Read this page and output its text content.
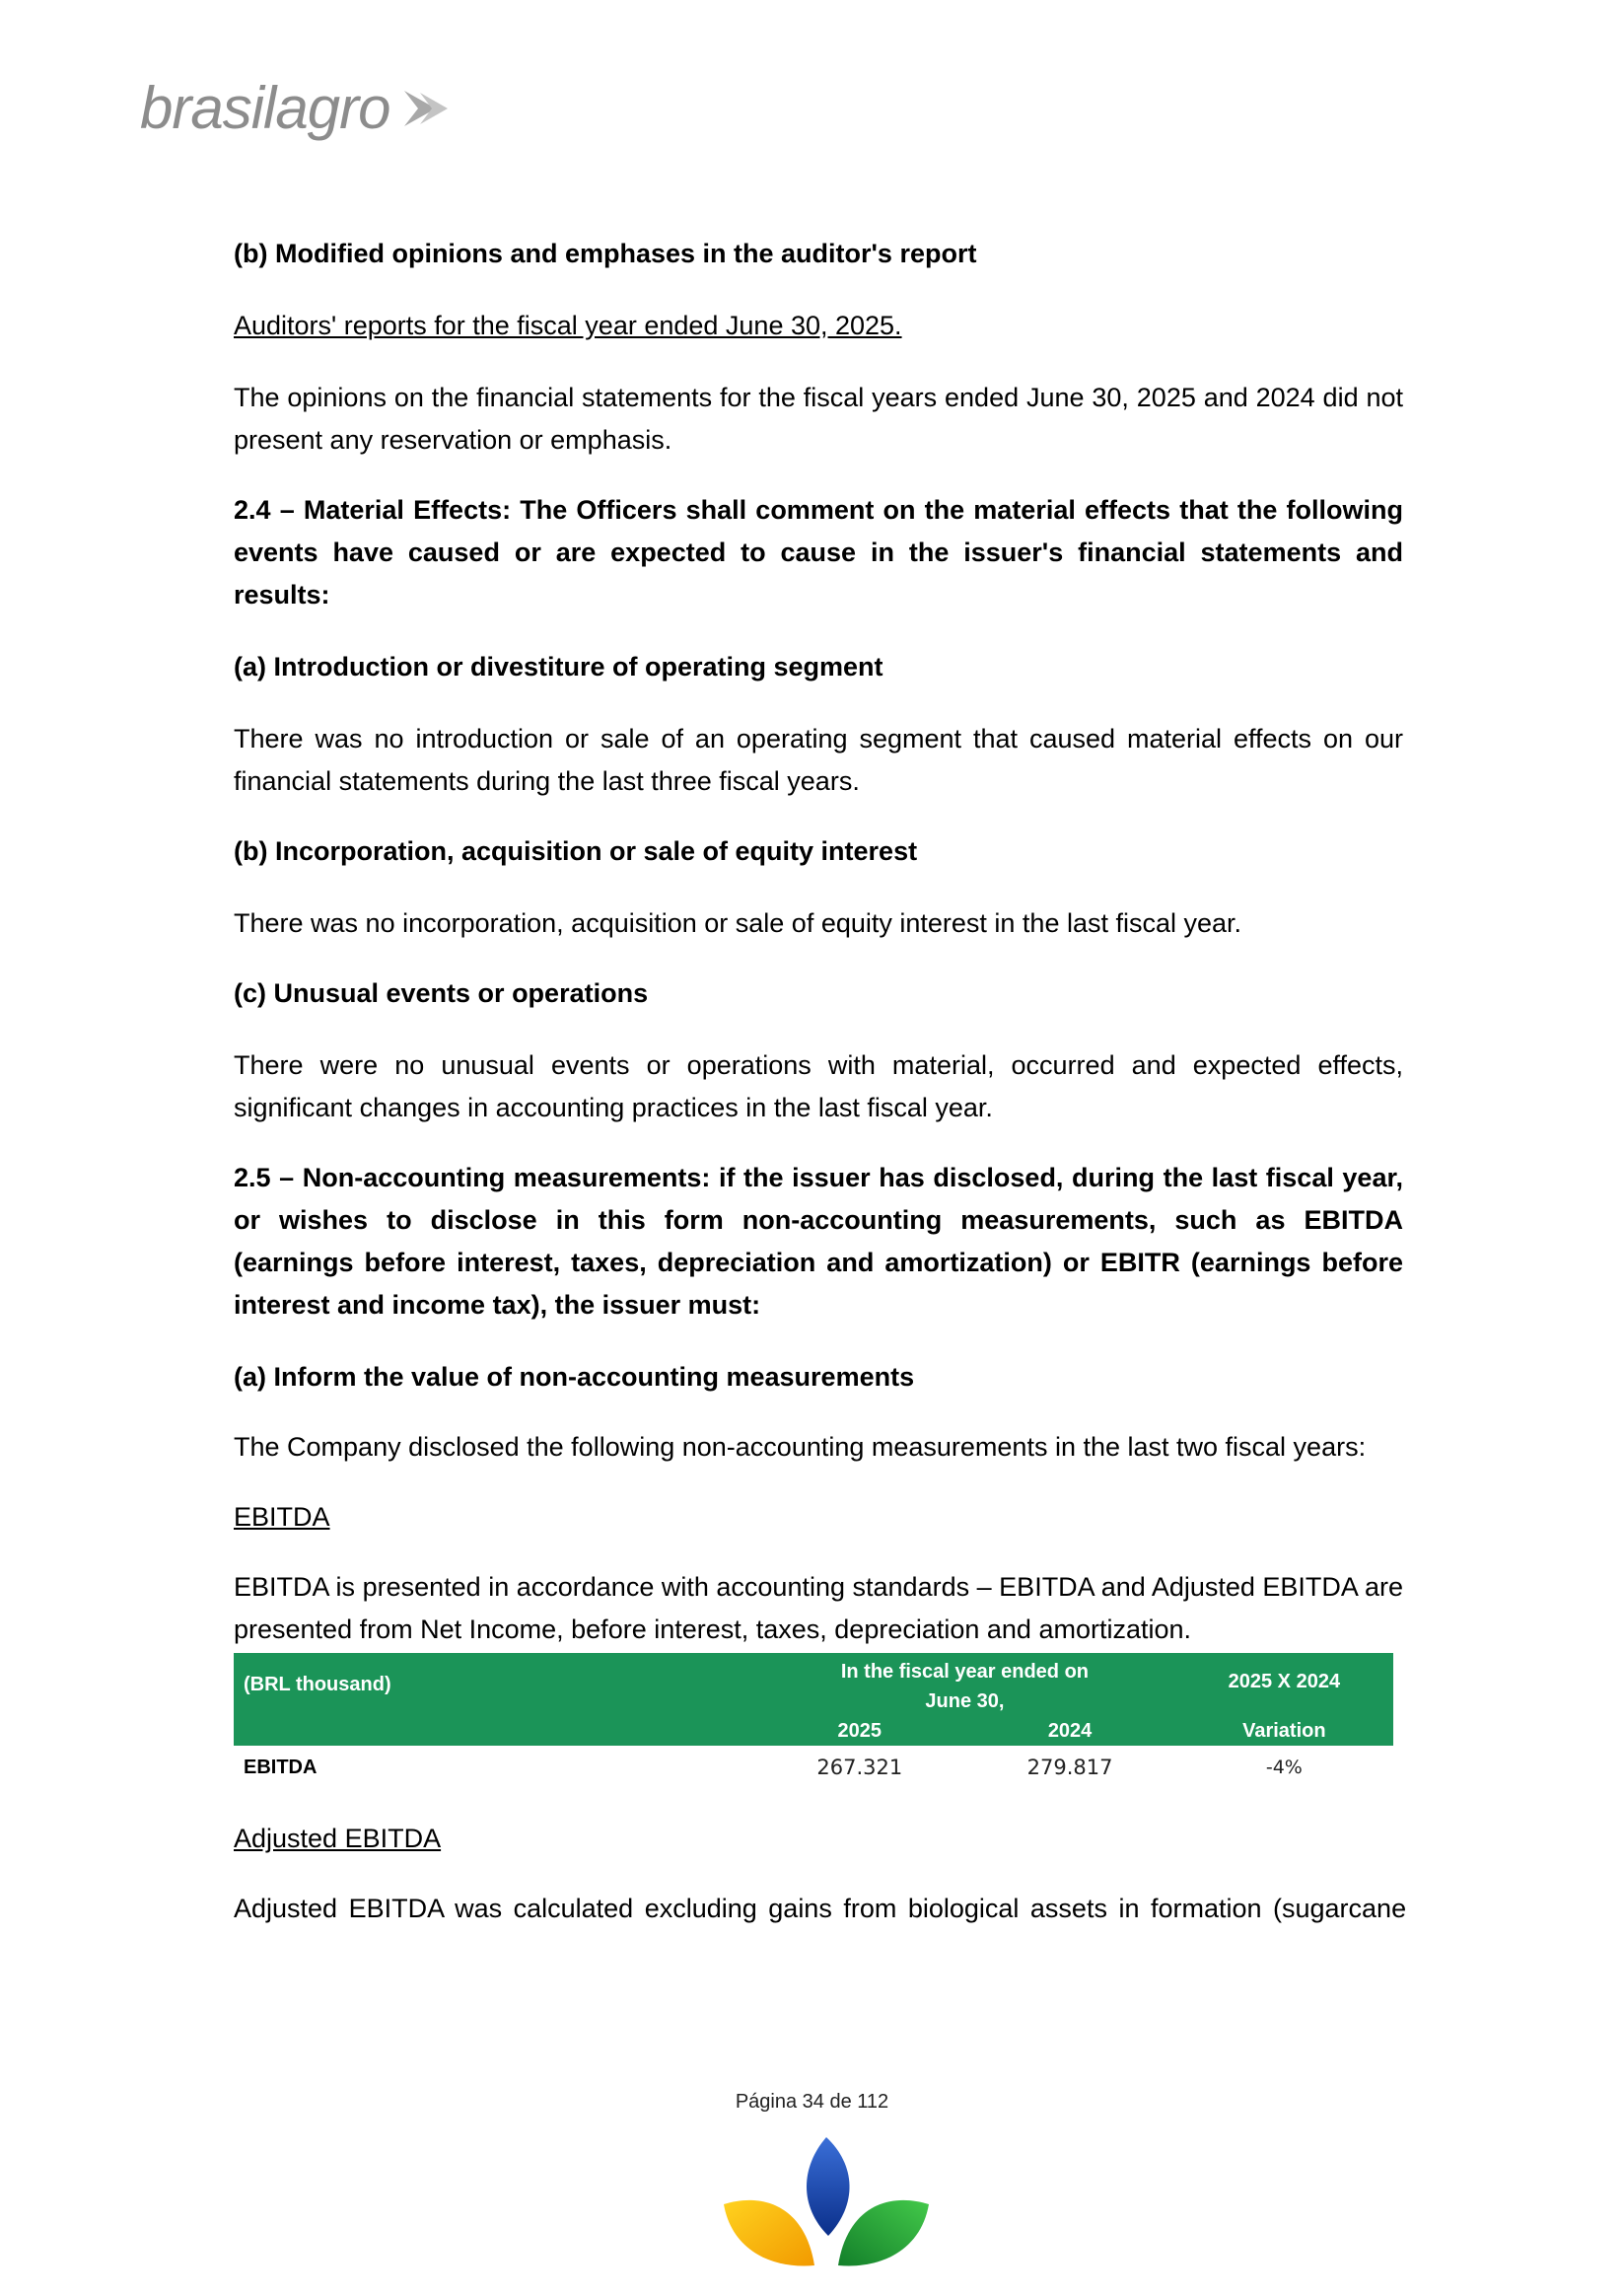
brasilagro

(b) Modified opinions and emphases in the auditor's report

Auditors' reports for the fiscal year ended June 30, 2025.

The opinions on the financial statements for the fiscal years ended June 30, 2025 and 2024 did not present any reservation or emphasis.

2.4 – Material Effects: The Officers shall comment on the material effects that the following events have caused or are expected to cause in the issuer's financial statements and results:

(a) Introduction or divestiture of operating segment

There was no introduction or sale of an operating segment that caused material effects on our financial statements during the last three fiscal years.

(b) Incorporation, acquisition or sale of equity interest

There was no incorporation, acquisition or sale of equity interest in the last fiscal year.

(c) Unusual events or operations

There were no unusual events or operations with material, occurred and expected effects, significant changes in accounting practices in the last fiscal year.

2.5 – Non-accounting measurements: if the issuer has disclosed, during the last fiscal year, or wishes to disclose in this form non-accounting measurements, such as EBITDA (earnings before interest, taxes, depreciation and amortization) or EBITR (earnings before interest and income tax), the issuer must:

(a) Inform the value of non-accounting measurements

The Company disclosed the following non-accounting measurements in the last two fiscal years:

EBITDA

EBITDA is presented in accordance with accounting standards – EBITDA and Adjusted EBITDA are presented from Net Income, before interest, taxes, depreciation and amortization.

(BRL thousand)	In the fiscal year ended on June 30,		2025 X 2024

	2025	2024	Variation
EBITDA	267.321	279.817	-4%

Adjusted EBITDA

Adjusted EBITDA was calculated excluding gains from biological assets in formation (sugarcane

Página 34 de 112
